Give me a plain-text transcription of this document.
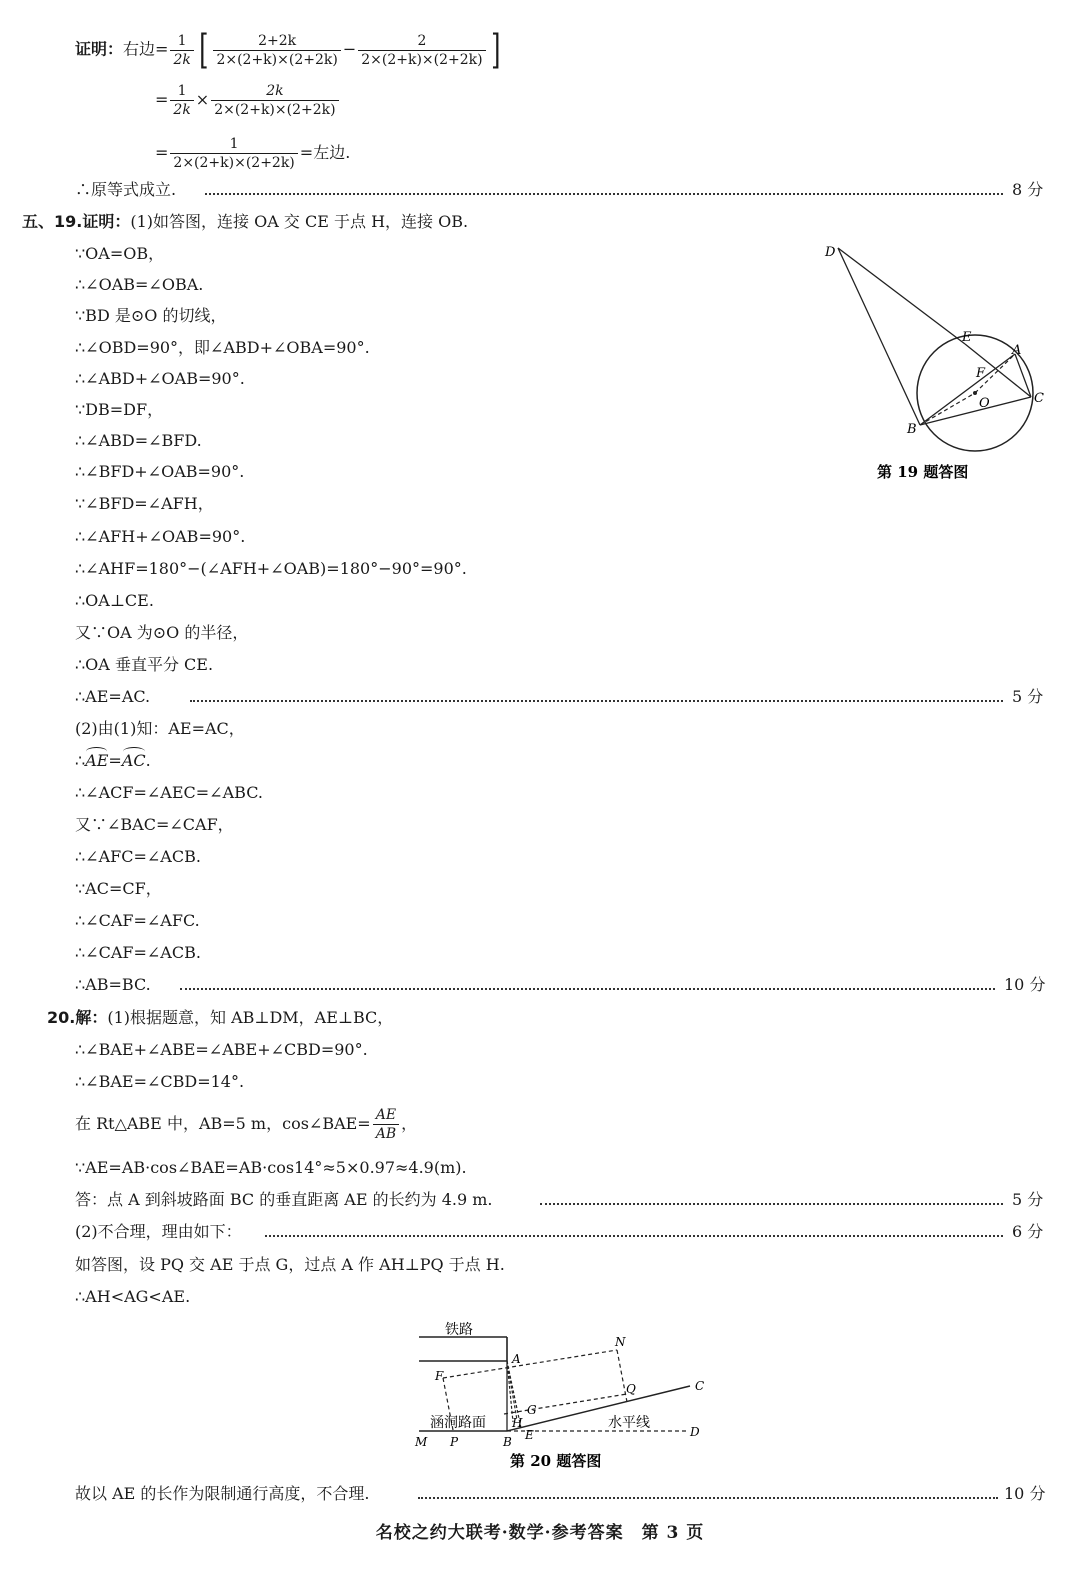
证明：右边= $\frac{1}{2k}$ [ $\frac{2+2k}{2\times(2+k)\times(2+2k)} - \frac{2}{2\times(2+k)\times(2+2k)}$ ]
= $\frac{1}{2k} \times \frac{2k}{2\times(2+k)\times(2+2k)}$
= $\frac{1}{2\times(2+k)\times(2+2k)}$ =左边.
∴原等式成立.	8 分
五、19.证明：(1)如答图，连接 OA 交 CE 于点 H，连接 OB.
∵OA=OB，
∴∠OAB=∠OBA.
∵BD 是⊙O 的切线，
∴∠OBD=90°，即∠ABD+∠OBA=90°.
∴∠ABD+∠OAB=90°.
∵DB=DF，
∴∠ABD=∠BFD.
∴∠BFD+∠OAB=90°.
∵∠BFD=∠AFH，
∴∠AFH+∠OAB=90°.
∴∠AHF=180°−(∠AFH+∠OAB)=180°−90°=90°.
∴OA⊥CE.
又∵OA 为⊙O 的半径，
∴OA 垂直平分 CE.
∴AE=AC.	5 分
(2)由(1)知：AE=AC，
∴AE=AC.
∴∠ACF=∠AEC=∠ABC.
又∵∠BAC=∠CAF，
∴∠AFC=∠ACB.
∵AC=CF，
∴∠CAF=∠AFC.
∴∠CAF=∠ACB.
∴AB=BC.	10 分
D
E
A
F
O	C
B
第 19 题答图
20.解：(1)根据题意，知 AB⊥DM，AE⊥BC，
∴∠BAE+∠ABE=∠ABE+∠CBD=90°.
∴∠BAE=∠CBD=14°.
在 Rt△ABE 中，AB=5 m，cos∠BAE= $\frac{AE}{AB}$ ，
∵AE=AB·cos∠BAE=AB·cos14°≈5×0.97≈4.9(m).
答：点 A 到斜坡路面 BC 的垂直距离 AE 的长约为 4.9 m.	5 分
(2)不合理，理由如下：	6 分
如答图，设 PQ 交 AE 于点 G，过点 A 作 AH⊥PQ 于点 H.
∴AH<AG<AE.
铁路
涵洞路面	水平线
A
N
F
Q	C
G
H
E
M P	B
D
第 20 题答图
故以 AE 的长作为限制通行高度，不合理.	10 分
名校之约大联考·数学·参考答案　第 3 页
